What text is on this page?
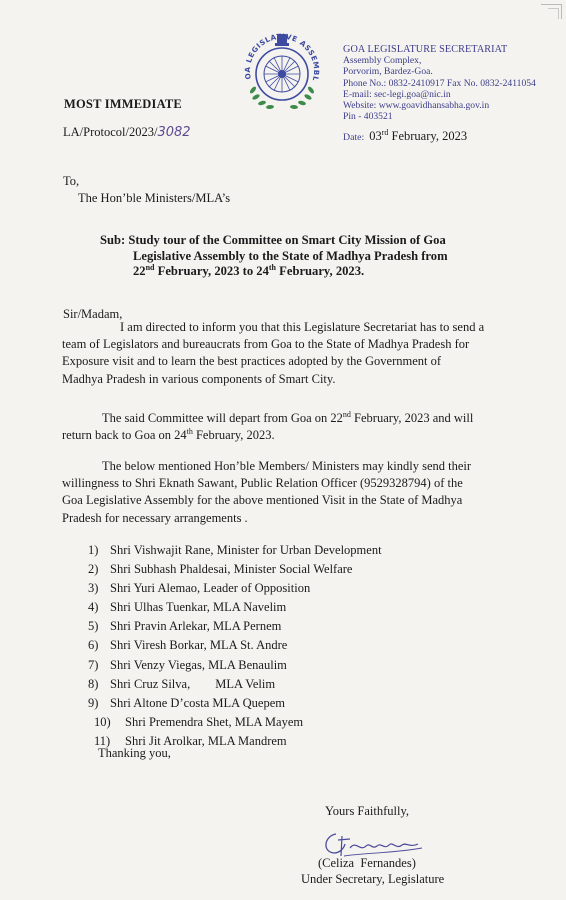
OA LEGISLATIVE ASSEMBL
GOA LEGISLATURE SECRETARIAT
Assembly Complex,
Porvorim, Bardez-Goa.
Phone No.: 0832-2410917 Fax No. 0832-2411054
E-mail: sec-legi.goa@nic.in
Website: www.goavidhansabha.gov.in
Pin - 403521
MOST IMMEDIATE
LA/Protocol/2023/3082	Date: 03rd February, 2023
To,
The Hon’ble Ministers/MLA’s
Sub: Study tour of the Committee on Smart City Mission of Goa
Legislative Assembly to the State of Madhya Pradesh from
22nd February, 2023 to 24th February, 2023.
Sir/Madam,
I am directed to inform you that this Legislature Secretariat has to send a
team of Legislators and bureaucrats from Goa to the State of Madhya Pradesh for
Exposure visit and to learn the best practices adopted by the Government of
Madhya Pradesh in various components of Smart City.
The said Committee will depart from Goa on 22nd February, 2023 and will
return back to Goa on 24th February, 2023.
The below mentioned Hon’ble Members/ Ministers may kindly send their
willingness to Shri Eknath Sawant, Public Relation Officer (9529328794) of the
Goa Legislative Assembly for the above mentioned Visit in the State of Madhya
Pradesh for necessary arrangements .
1) Shri Vishwajit Rane, Minister for Urban Development
2) Shri Subhash Phaldesai, Minister Social Welfare
3) Shri Yuri Alemao, Leader of Opposition
4) Shri Ulhas Tuenkar, MLA Navelim
5) Shri Pravin Arlekar, MLA Pernem
6) Shri Viresh Borkar, MLA St. Andre
7) Shri Venzy Viegas, MLA Benaulim
8) Shri Cruz Silva,        MLA Velim
9) Shri Altone D’costa MLA Quepem
10) Shri Premendra Shet, MLA Mayem
11) Shri Jit Arolkar, MLA Mandrem
Thanking you,
Yours Faithfully,
(Celiza  Fernandes)
Under Secretary, Legislature
